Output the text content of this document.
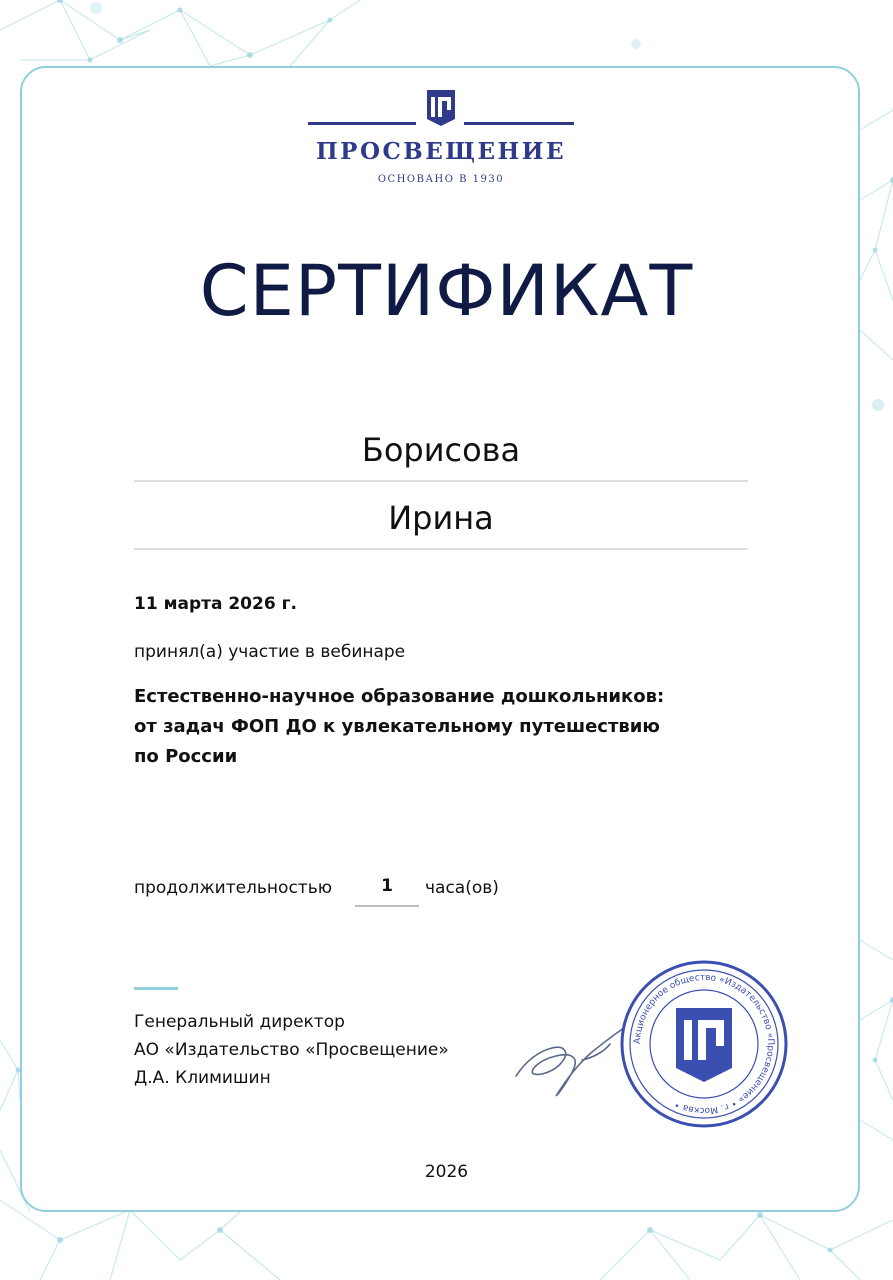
ПРОСВЕЩЕНИЕ
ОСНОВАНО В 1930
СЕРТИФИКАТ
Борисова
Ирина
11 марта 2026 г.
принял(а) участие в вебинаре
Естественно-научное образование дошкольников:
от задач ФОП ДО к увлекательному путешествию
по России
продолжительностью	1	часа(ов)
Генеральный директор
АО «Издательство «Просвещение»
Д.А. Климишин
Акционерное общество «Издательство «Просвещение» • г. Москва •
2026
